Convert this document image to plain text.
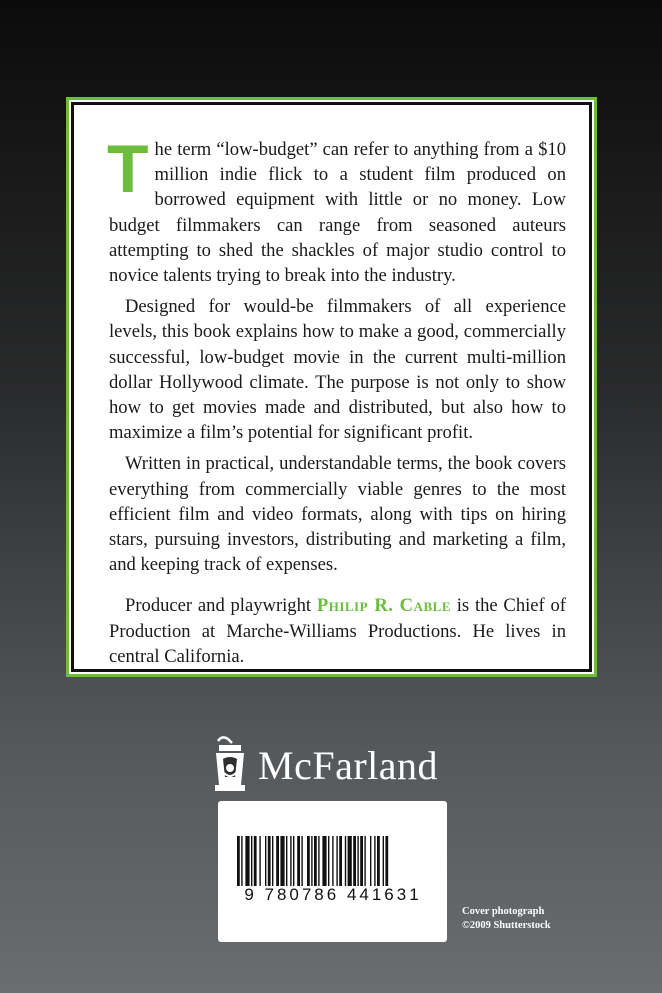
The term “low-budget” can refer to anything from a $10 million indie flick to a student film produced on borrowed equipment with little or no money. Low budget filmmakers can range from seasoned auteurs attempting to shed the shackles of major studio control to novice talents trying to break into the industry.

Designed for would-be filmmakers of all experience levels, this book explains how to make a good, commercially successful, low-budget movie in the current multi-million dollar Hollywood climate. The purpose is not only to show how to get movies made and distributed, but also how to maximize a film’s potential for significant profit.

Written in practical, understandable terms, the book covers everything from commercially viable genres to the most efficient film and video formats, along with tips on hiring stars, pursuing investors, distributing and marketing a film, and keeping track of expenses.

Producer and playwright Philip R. Cable is the Chief of Production at Marche-Williams Productions. He lives in central California.

McFarland
9 780786 441631
Cover photograph
©2009 Shutterstock
